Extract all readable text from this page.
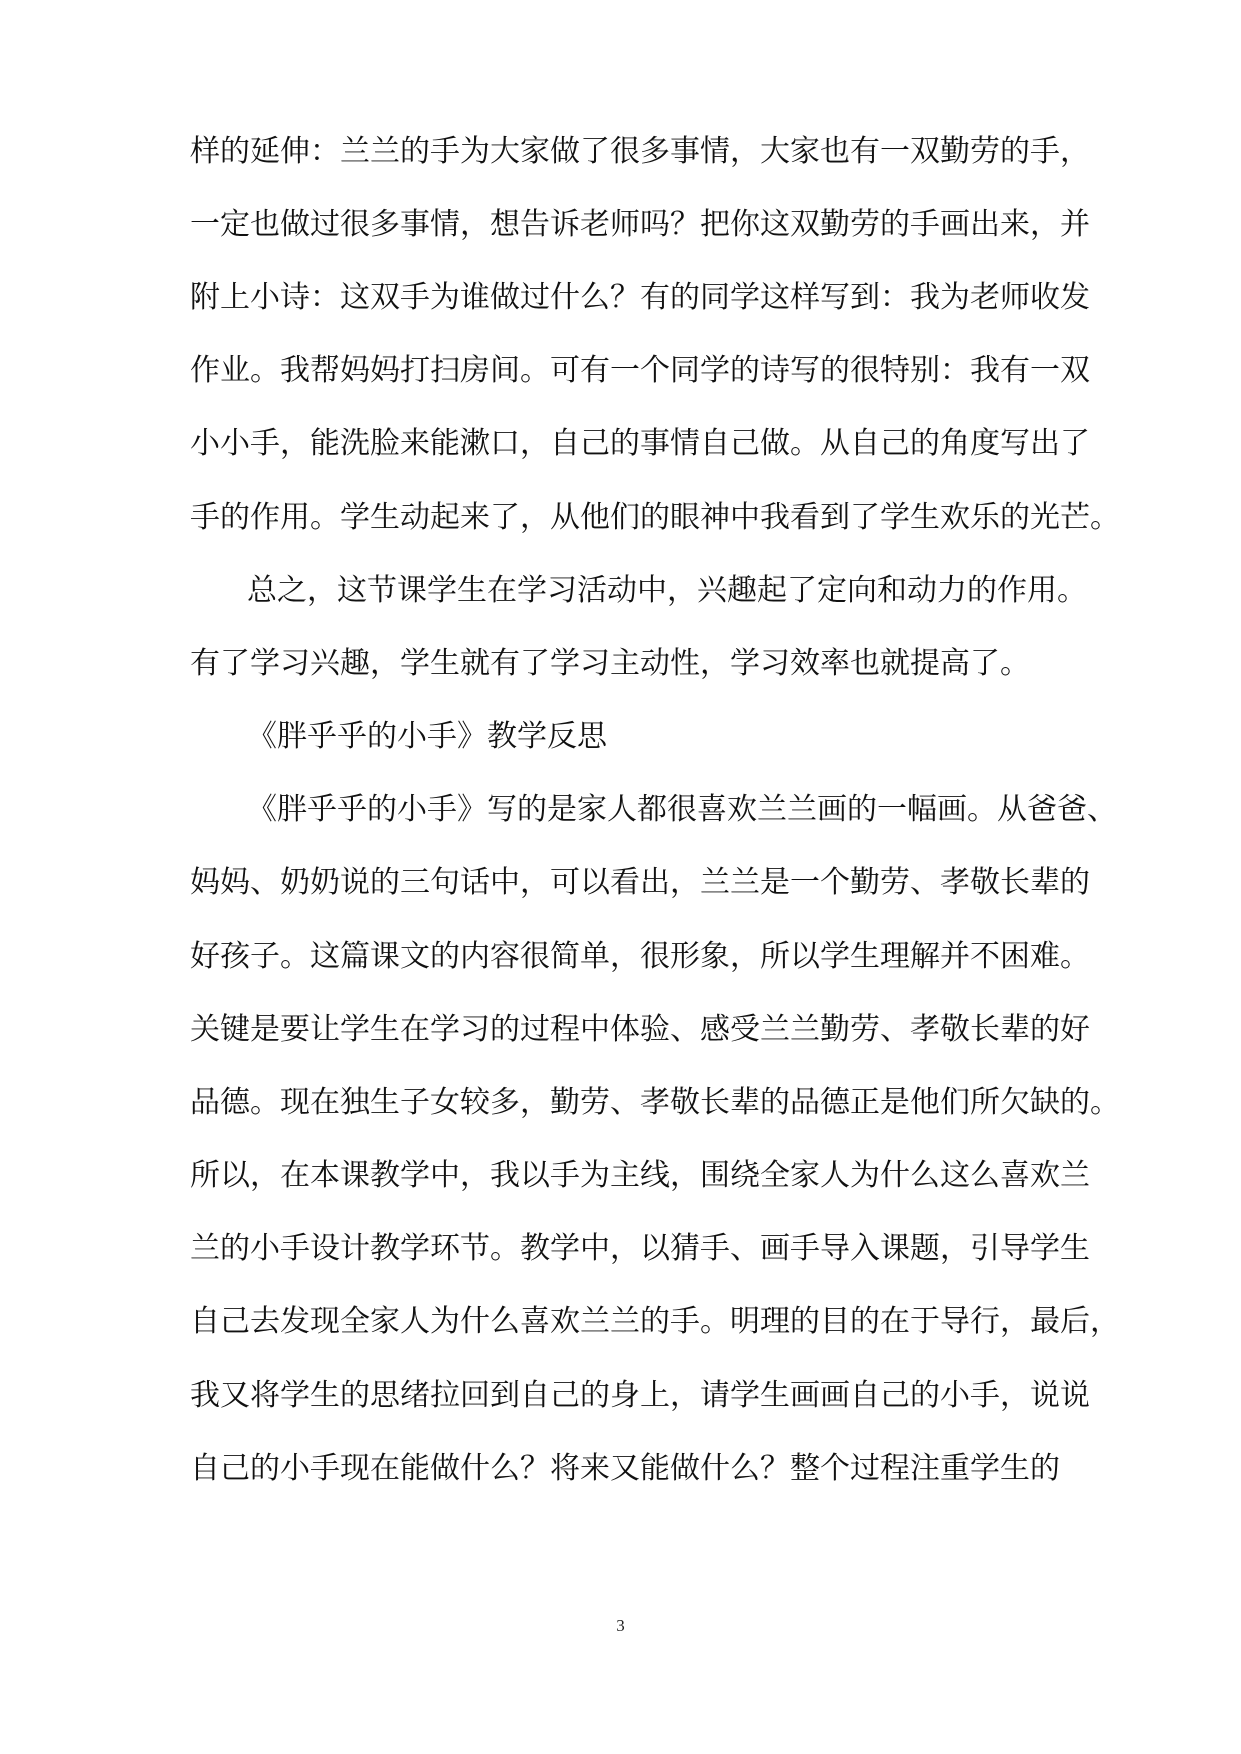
样的延伸：兰兰的手为大家做了很多事情，大家也有一双勤劳的手，
一定也做过很多事情，想告诉老师吗？把你这双勤劳的手画出来，并
附上小诗：这双手为谁做过什么？有的同学这样写到：我为老师收发
作业。我帮妈妈打扫房间。可有一个同学的诗写的很特别：我有一双
小小手，能洗脸来能漱口，自己的事情自己做。从自己的角度写出了
手的作用。学生动起来了，从他们的眼神中我看到了学生欢乐的光芒。
总之，这节课学生在学习活动中，兴趣起了定向和动力的作用。
有了学习兴趣，学生就有了学习主动性，学习效率也就提高了。
《胖乎乎的小手》教学反思
《胖乎乎的小手》写的是家人都很喜欢兰兰画的一幅画。从爸爸、
妈妈、奶奶说的三句话中，可以看出，兰兰是一个勤劳、孝敬长辈的
好孩子。这篇课文的内容很简单，很形象，所以学生理解并不困难。
关键是要让学生在学习的过程中体验、感受兰兰勤劳、孝敬长辈的好
品德。现在独生子女较多，勤劳、孝敬长辈的品德正是他们所欠缺的。
所以，在本课教学中，我以手为主线，围绕全家人为什么这么喜欢兰
兰的小手设计教学环节。教学中，以猜手、画手导入课题，引导学生
自己去发现全家人为什么喜欢兰兰的手。明理的目的在于导行，最后，
我又将学生的思绪拉回到自己的身上，请学生画画自己的小手，说说
自己的小手现在能做什么？将来又能做什么？整个过程注重学生的
3
